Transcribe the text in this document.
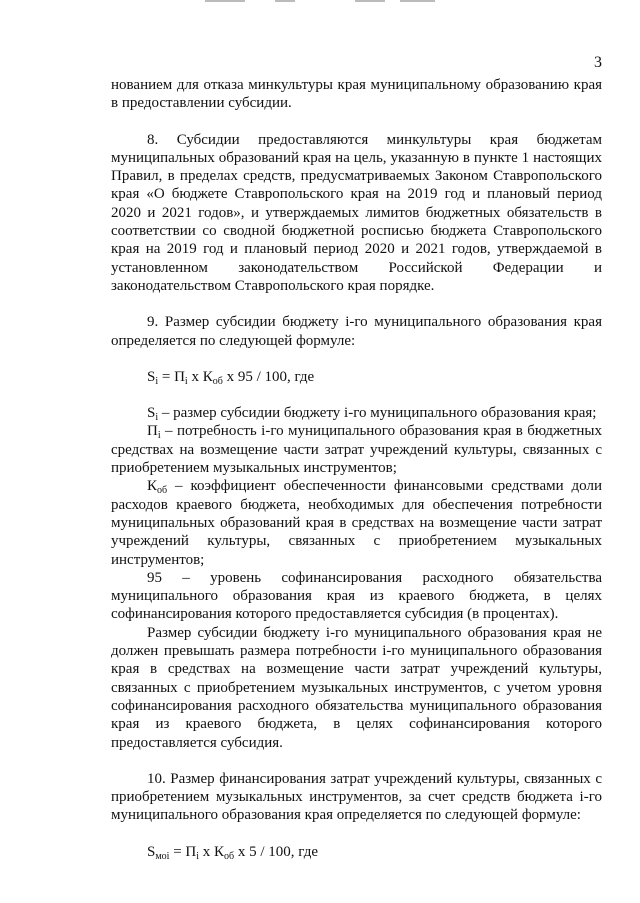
3

нованием для отказа минкультуры края муниципальному образованию края в предоставлении субсидии.

8. Субсидии предоставляются минкультуры края бюджетам муниципальных образований края на цель, указанную в пункте 1 настоящих Правил, в пределах средств, предусматриваемых Законом Ставропольского края «О бюджете Ставропольского края на 2019 год и плановый период 2020 и 2021 годов», и утверждаемых лимитов бюджетных обязательств в соответствии со сводной бюджетной росписью бюджета Ставропольского края на 2019 год и плановый период 2020 и 2021 годов, утверждаемой в установленном законодательством Российской Федерации и законодательством Ставропольского края порядке.

9. Размер субсидии бюджету i-го муниципального образования края определяется по следующей формуле:

$S_i = П_i$ х $К_{об}$ х 95 / 100, где

$S_i$ – размер субсидии бюджету i-го муниципального образования края;

$П_i$ – потребность i-го муниципального образования края в бюджетных средствах на возмещение части затрат учреждений культуры, связанных с приобретением музыкальных инструментов;

$К_{об}$ – коэффициент обеспеченности финансовыми средствами доли расходов краевого бюджета, необходимых для обеспечения потребности муниципальных образований края в средствах на возмещение части затрат учреждений культуры, связанных с приобретением музыкальных инструментов;

95 – уровень софинансирования расходного обязательства муниципального образования края из краевого бюджета, в целях софинансирования которого предоставляется субсидия (в процентах).

Размер субсидии бюджету i-го муниципального образования края не должен превышать размера потребности i-го муниципального образования края в средствах на возмещение части затрат учреждений культуры, связанных с приобретением музыкальных инструментов, с учетом уровня софинансирования расходного обязательства муниципального образования края из краевого бюджета, в целях софинансирования которого предоставляется субсидия.

10. Размер финансирования затрат учреждений культуры, связанных с приобретением музыкальных инструментов, за счет средств бюджета i-го муниципального образования края определяется по следующей формуле:

$S_{мoi} = П_i$ х $К_{об}$ х 5 / 100, где
